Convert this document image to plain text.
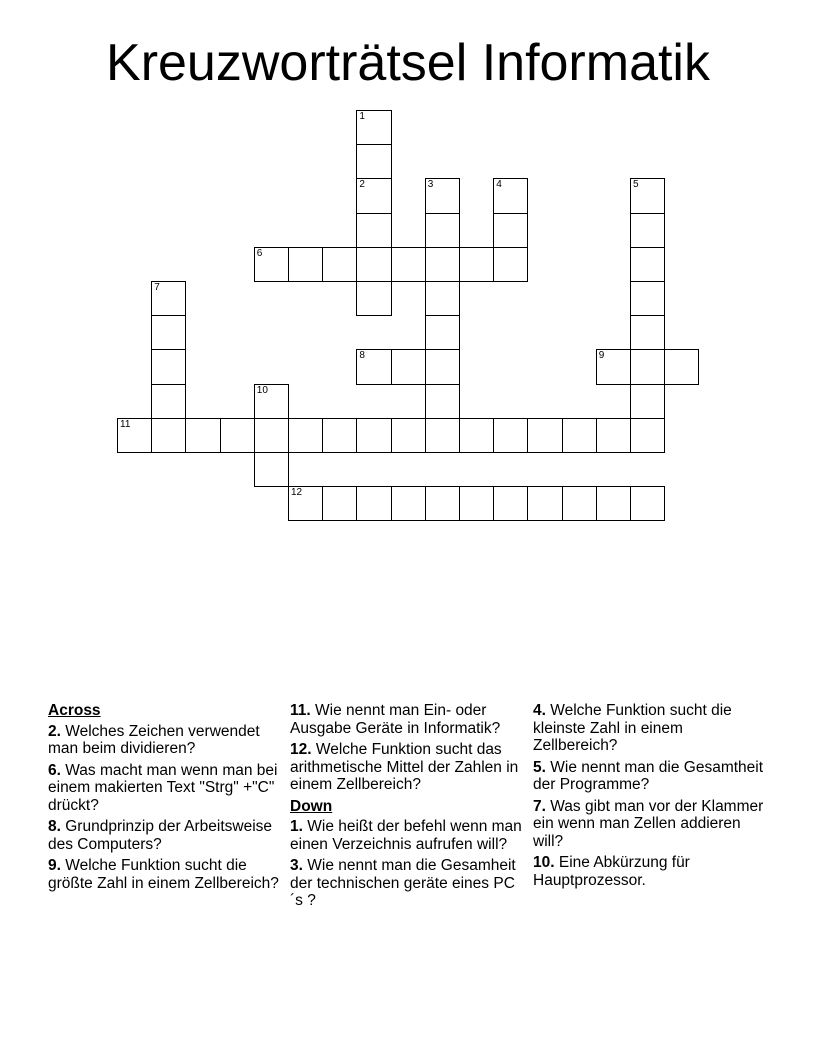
Kreuzworträtsel Informatik
1
2	3	4	5
6
7
8	9
10
11
12
Across
2. Welches Zeichen verwendet man beim dividieren?
6. Was macht man wenn man bei einem makierten Text "Strg" +"C" drückt?
8. Grundprinzip der Arbeitsweise des Computers?
9. Welche Funktion sucht die größte Zahl in einem Zellbereich?
11. Wie nennt man Ein- oder Ausgabe Geräte in Informatik?
12. Welche Funktion sucht das arithmetische Mittel der Zahlen in einem Zellbereich?
Down
1. Wie heißt der befehl wenn man einen Verzeichnis aufrufen will?
3. Wie nennt man die Gesamheit der technischen geräte eines PC´s ?
4. Welche Funktion sucht die kleinste Zahl in einem Zellbereich?
5. Wie nennt man die Gesamtheit der Programme?
7. Was gibt man vor der Klammer ein wenn man Zellen addieren will?
10. Eine Abkürzung für Hauptprozessor.
